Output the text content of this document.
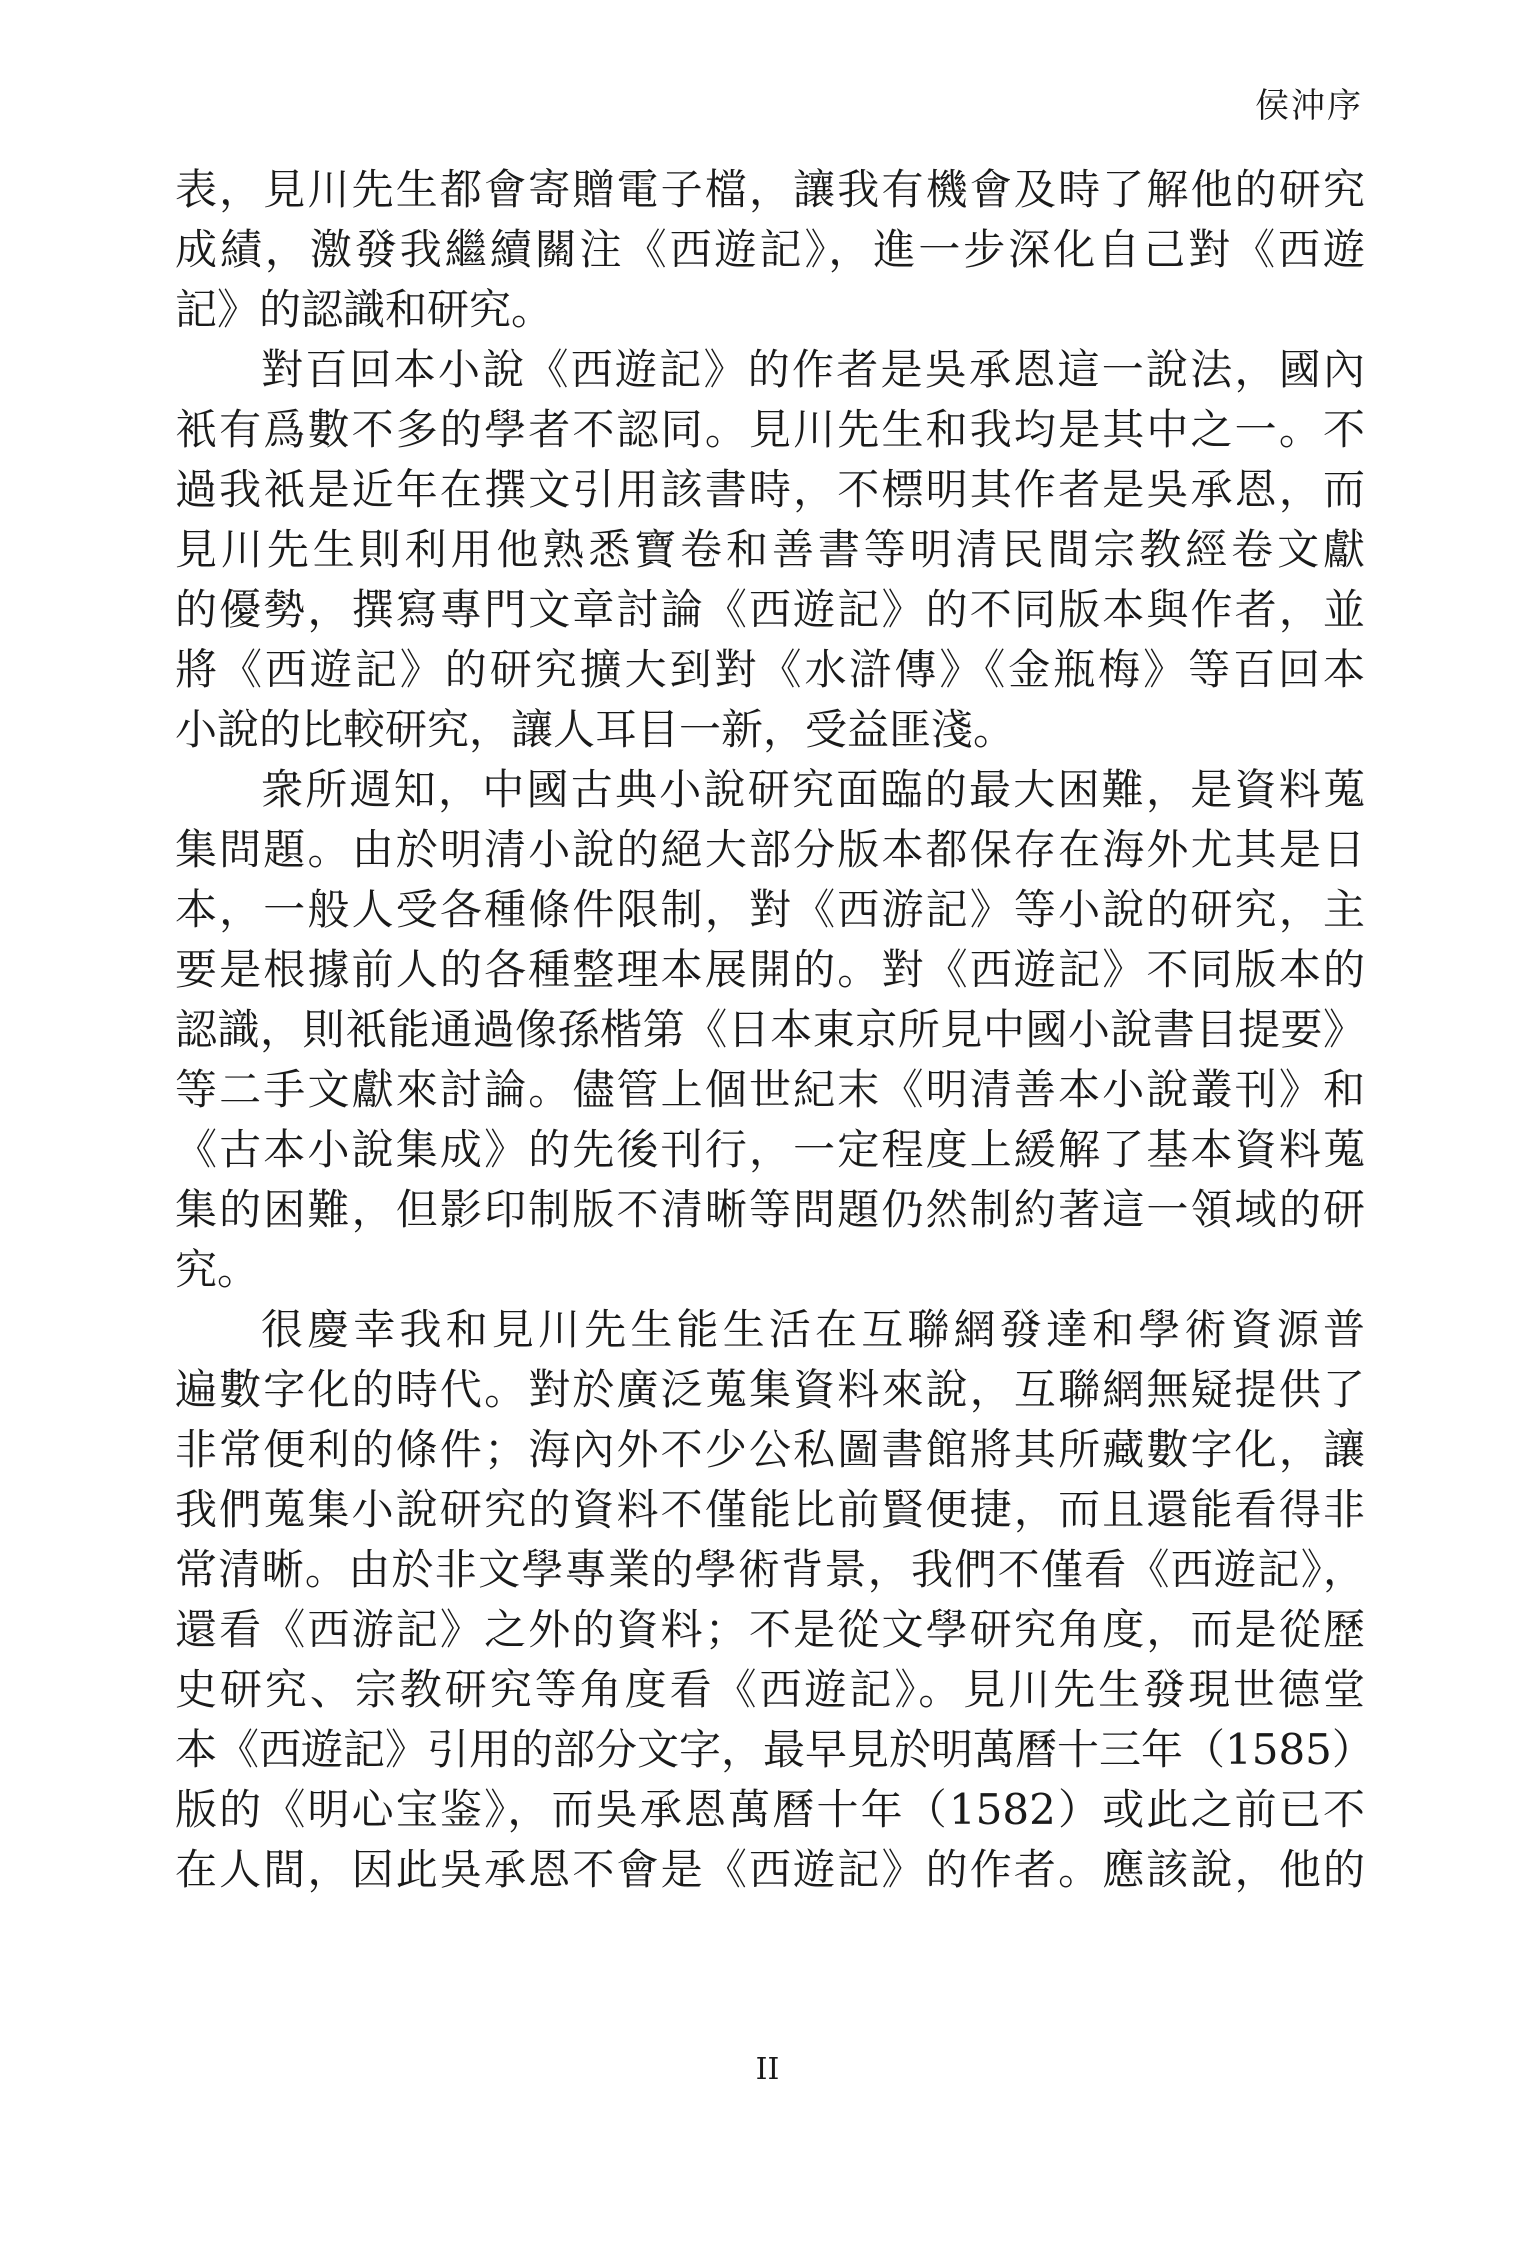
侯沖序
表，見川先生都會寄贈電子檔，讓我有機會及時了解他的研究
成績，激發我繼續關注《西遊記》，進一步深化自己對《西遊
記》的認識和研究。
對百回本小說《西遊記》的作者是吳承恩這一說法，國內
衹有爲數不多的學者不認同。見川先生和我均是其中之一。不
過我衹是近年在撰文引用該書時，不標明其作者是吳承恩，而
見川先生則利用他熟悉寶卷和善書等明清民間宗教經卷文獻
的優勢，撰寫專門文章討論《西遊記》的不同版本與作者，並
將《西遊記》的研究擴大到對《水滸傳》《金瓶梅》等百回本
小說的比較研究，讓人耳目一新，受益匪淺。
衆所週知，中國古典小說研究面臨的最大困難，是資料蒐
集問題。由於明清小說的絕大部分版本都保存在海外尤其是日
本，一般人受各種條件限制，對《西游記》等小說的研究，主
要是根據前人的各種整理本展開的。對《西遊記》不同版本的
認識，則衹能通過像孫楷第《日本東京所見中國小說書目提要》
等二手文獻來討論。儘管上個世紀末《明清善本小說叢刊》和
《古本小說集成》的先後刊行，一定程度上緩解了基本資料蒐
集的困難，但影印制版不清晰等問題仍然制約著這一領域的研
究。
很慶幸我和見川先生能生活在互聯網發達和學術資源普
遍數字化的時代。對於廣泛蒐集資料來說，互聯網無疑提供了
非常便利的條件；海內外不少公私圖書館將其所藏數字化，讓
我們蒐集小說研究的資料不僅能比前賢便捷，而且還能看得非
常清晰。由於非文學專業的學術背景，我們不僅看《西遊記》，
還看《西游記》之外的資料；不是從文學研究角度，而是從歷
史研究、宗教研究等角度看《西遊記》。見川先生發現世德堂
本《西遊記》引用的部分文字，最早見於明萬曆十三年（1585）
版的《明心宝鉴》，而吳承恩萬曆十年（1582）或此之前已不
在人間，因此吳承恩不會是《西遊記》的作者。應該說，他的
II
